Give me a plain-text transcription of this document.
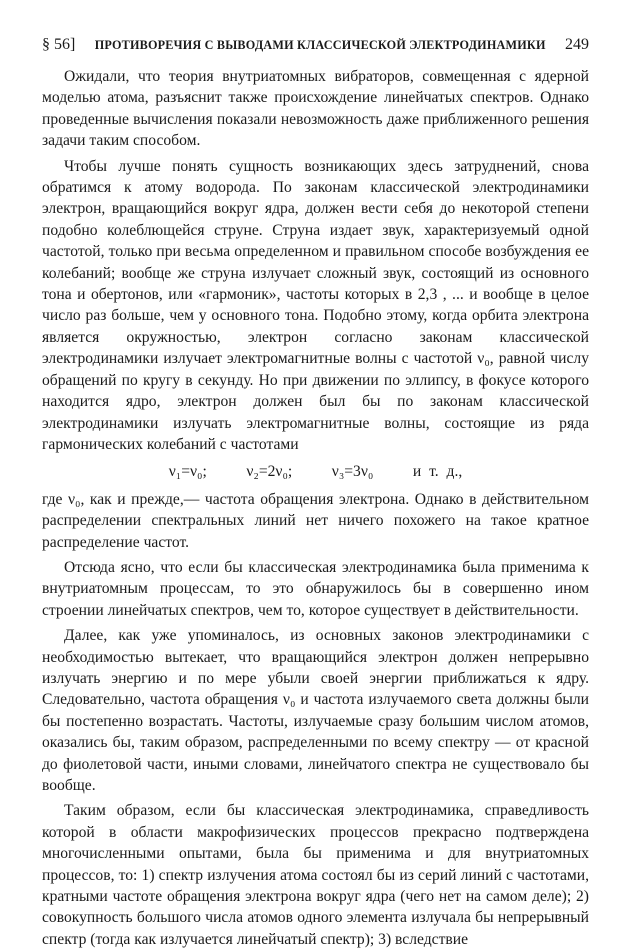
§ 56] ПРОТИВОРЕЧИЯ С ВЫВОДАМИ КЛАССИЧЕСКОЙ ЭЛЕКТРОДИНАМИКИ 249

Ожидали, что теория внутриатомных вибраторов, совмещенная с ядерной моделью атома, разъяснит также происхождение линейчатых спектров. Однако проведенные вычисления показали невозможность даже приближенного решения задачи таким способом.

Чтобы лучше понять сущность возникающих здесь затруднений, снова обратимся к атому водорода. По законам классической электродинамики электрон, вращающийся вокруг ядра, должен вести себя до некоторой степени подобно колеблющейся струне. Струна издает звук, характеризуемый одной частотой, только при весьма определенном и правильном способе возбуждения ее колебаний; вообще же струна излучает сложный звук, состоящий из основного тона и обертонов, или «гармоник», частоты которых в 2,3 , ... и вообще в целое число раз больше, чем у основного тона. Подобно этому, когда орбита электрона является окружностью, электрон согласно законам классической электродинамики излучает электромагнитные волны с частотой ν₀, равной числу обращений по кругу в секунду. Но при движении по эллипсу, в фокусе которого находится ядро, электрон должен был бы по законам классической электродинамики излучать электромагнитные волны, состоящие из ряда гармонических колебаний с частотами

ν₁=ν₀;	ν₂=2ν₀;	ν₃=3ν₀	и т. д.,

где ν₀, как и прежде,— частота обращения электрона. Однако в действительном распределении спектральных линий нет ничего похожего на такое кратное распределение частот.

Отсюда ясно, что если бы классическая электродинамика была применима к внутриатомным процессам, то это обнаружилось бы в совершенно ином строении линейчатых спектров, чем то, которое существует в действительности.

Далее, как уже упоминалось, из основных законов электродинамики с необходимостью вытекает, что вращающийся электрон должен непрерывно излучать энергию и по мере убыли своей энергии приближаться к ядру. Следовательно, частота обращения ν₀ и частота излучаемого света должны были бы постепенно возрастать. Частоты, излучаемые сразу большим числом атомов, оказались бы, таким образом, распределенными по всему спектру — от красной до фиолетовой части, иными словами, линейчатого спектра не существовало бы вообще.

Таким образом, если бы классическая электродинамика, справедливость которой в области макрофизических процессов прекрасно подтверждена многочисленными опытами, была бы применима и для внутриатомных процессов, то: 1) спектр излучения атома состоял бы из серий линий с частотами, кратными частоте обращения электрона вокруг ядра (чего нет на самом деле); 2) совокупность большого числа атомов одного элемента излучала бы непрерывный спектр (тогда как излучается линейчатый спектр); 3) вследствие
